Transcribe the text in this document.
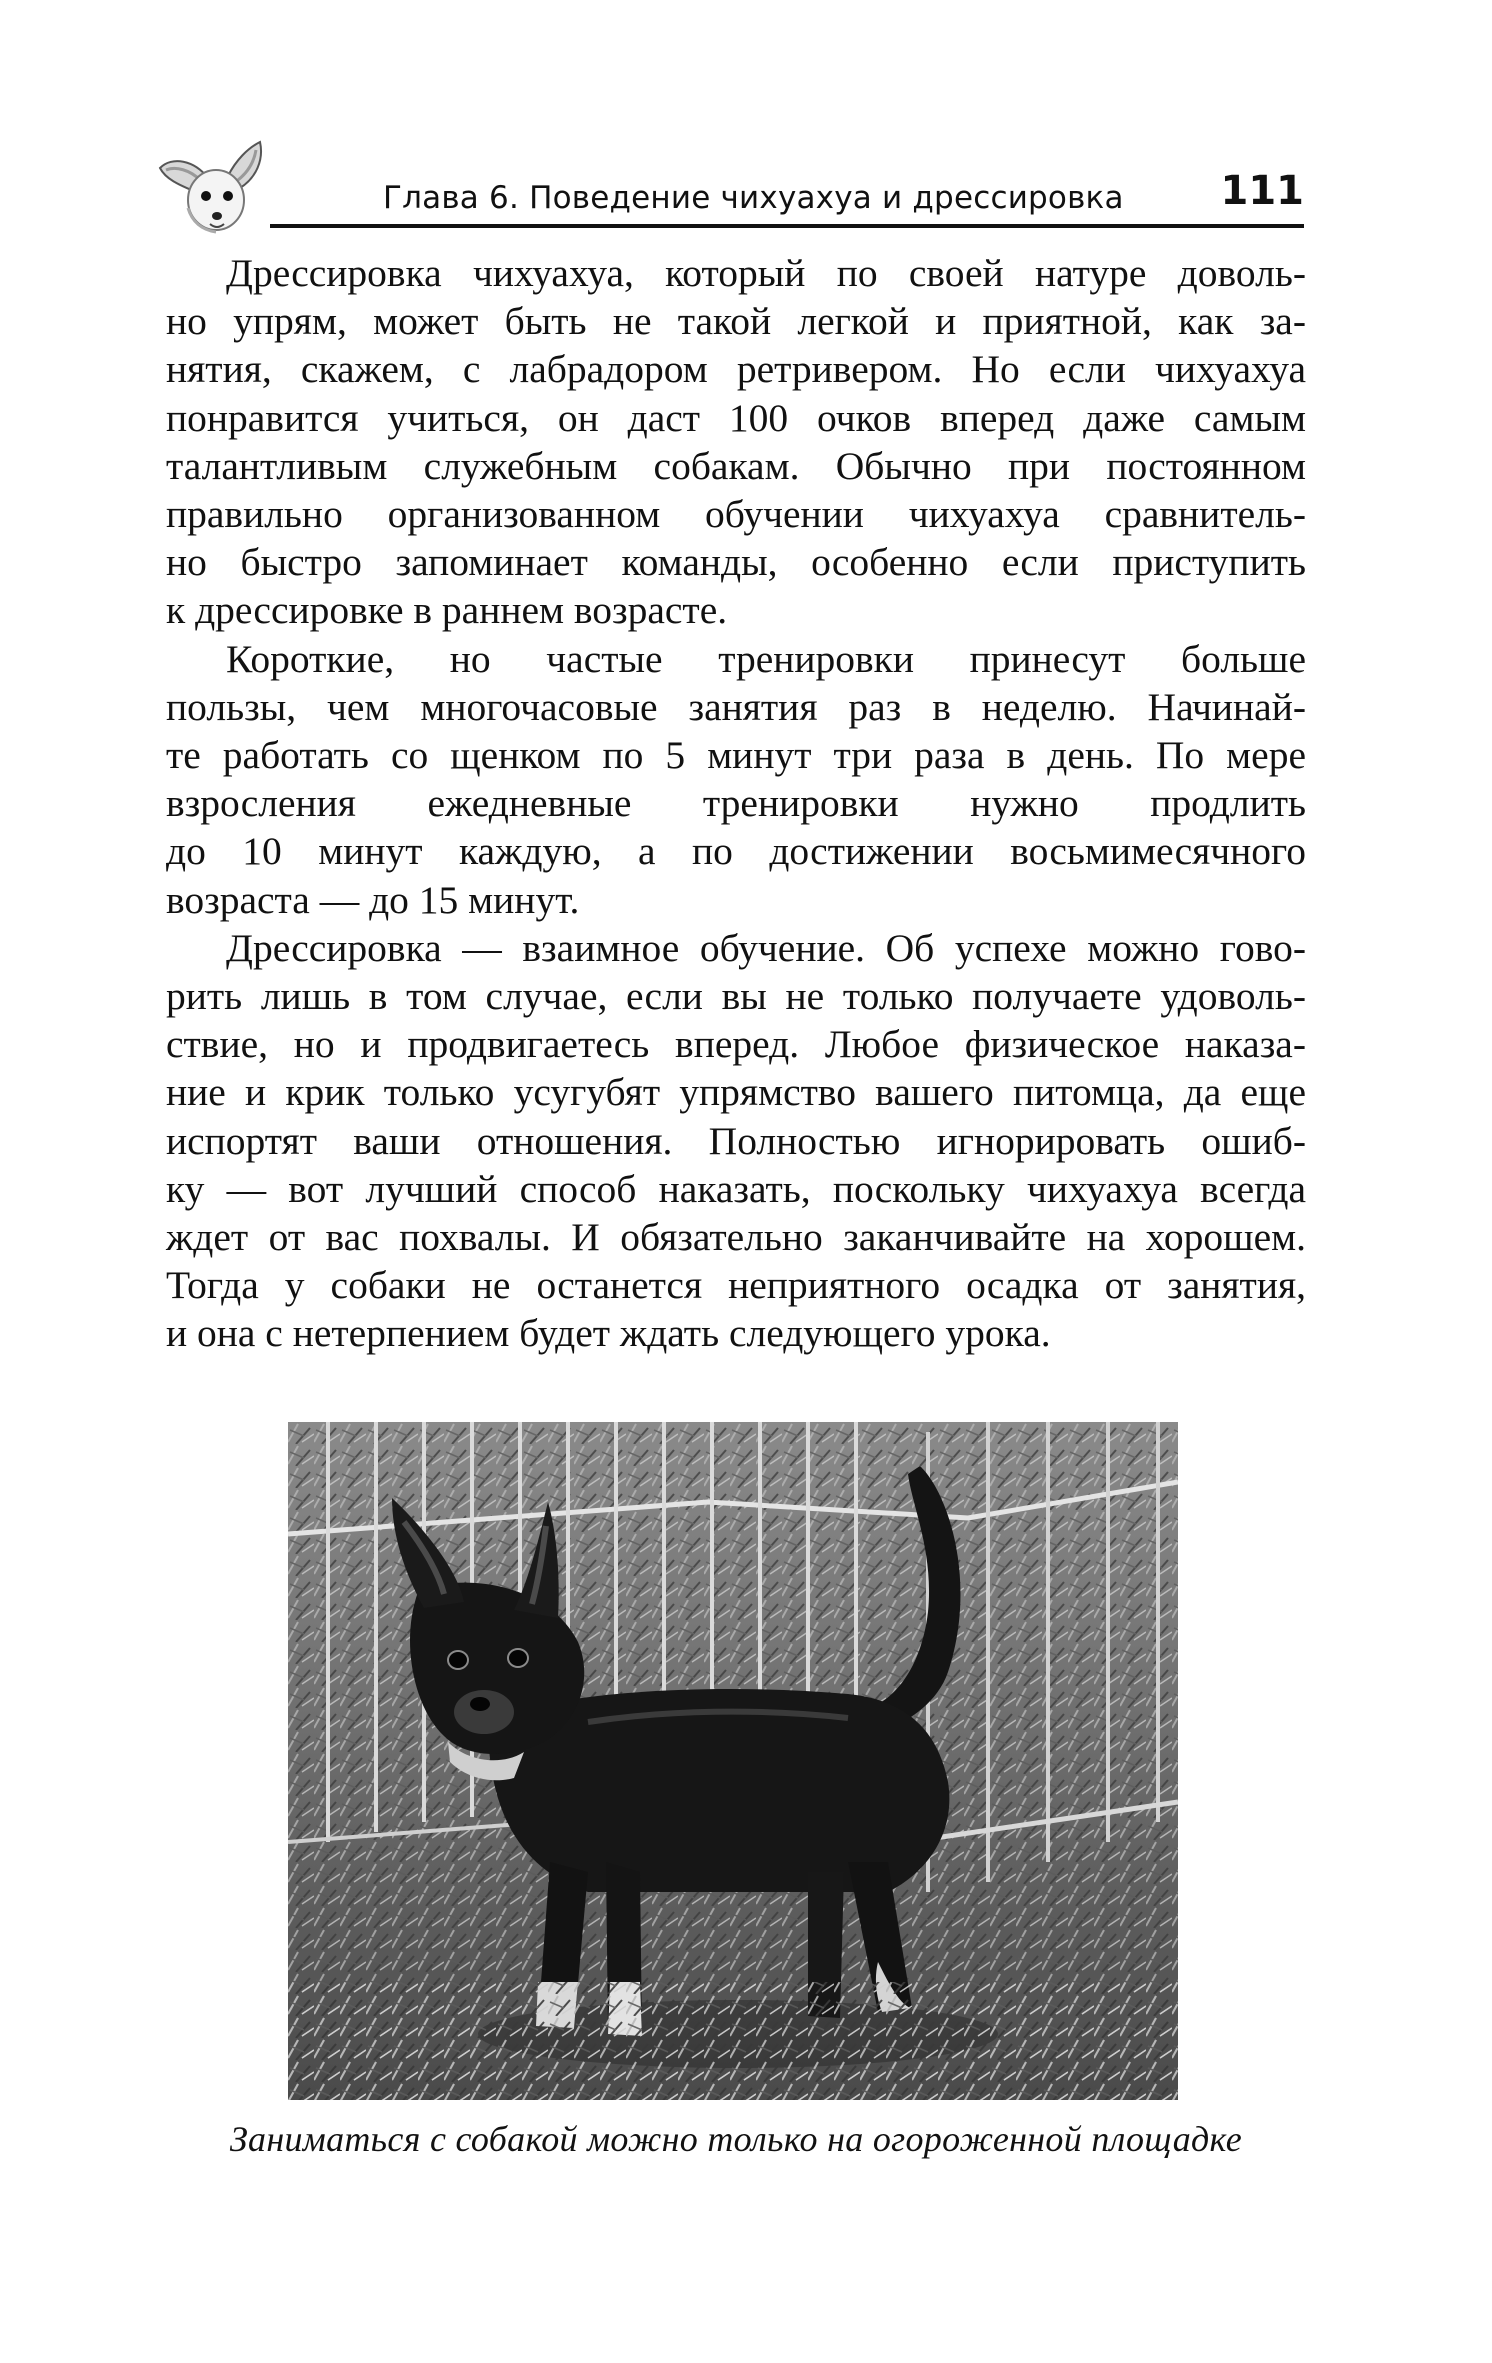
Глава 6. Поведение чихуахуа и дрессировка 111
Дрессировка чихуахуа, который по своей натуре доволь-
но упрям, может быть не такой легкой и приятной, как за-
нятия, скажем, с лабрадором ретривером. Но если чихуахуа
понравится учиться, он даст 100 очков вперед даже самым
талантливым служебным собакам. Обычно при постоянном
правильно организованном обучении чихуахуа сравнитель-
но быстро запоминает команды, особенно если приступить
к дрессировке в раннем возрасте.
Короткие, но частые тренировки принесут больше
пользы, чем многочасовые занятия раз в неделю. Начинай-
те работать со щенком по 5 минут три раза в день. По мере
взросления ежедневные тренировки нужно продлить
до 10 минут каждую, а по достижении восьмимесячного
возраста — до 15 минут.
Дрессировка — взаимное обучение. Об успехе можно гово-
рить лишь в том случае, если вы не только получаете удоволь-
ствие, но и продвигаетесь вперед. Любое физическое наказа-
ние и крик только усугубят упрямство вашего питомца, да еще
испортят ваши отношения. Полностью игнорировать ошиб-
ку — вот лучший способ наказать, поскольку чихуахуа всегда
ждет от вас похвалы. И обязательно заканчивайте на хорошем.
Тогда у собаки не останется неприятного осадка от занятия,
и она с нетерпением будет ждать следующего урока.
Заниматься с собакой можно только на огороженной площадке
